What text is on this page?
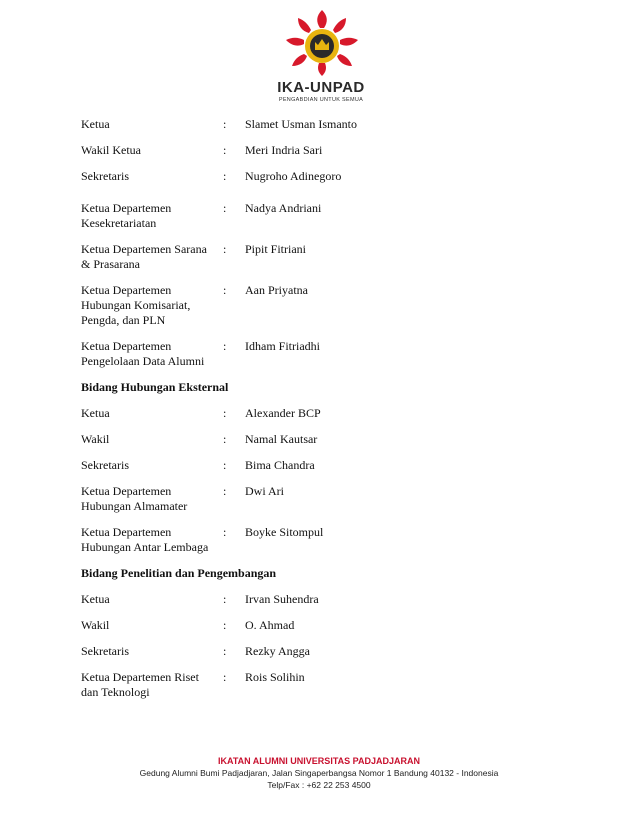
IKA-UNPAD
PENGABDIAN UNTUK SEMUA
Ketua	:	Slamet Usman Ismanto
Wakil Ketua	:	Meri Indria Sari
Sekretaris	:	Nugroho Adinegoro
Ketua Departemen
Kesekretariatan
:	Nadya Andriani
Ketua Departemen Sarana
& Prasarana
:	Pipit Fitriani
Ketua Departemen
Hubungan Komisariat,
Pengda, dan PLN
:	Aan Priyatna
Ketua Departemen
Pengelolaan Data Alumni
:	Idham Fitriadhi
Bidang Hubungan Eksternal
Ketua	:	Alexander BCP
Wakil	:	Namal Kautsar
Sekretaris	:	Bima Chandra
Ketua Departemen
Hubungan Almamater
:	Dwi Ari
Ketua Departemen
Hubungan Antar Lembaga
:	Boyke Sitompul
Bidang Penelitian dan Pengembangan
Ketua	:	Irvan Suhendra
Wakil	:	O. Ahmad
Sekretaris	:	Rezky Angga
Ketua Departemen Riset
dan Teknologi
:	Rois Solihin
IKATAN ALUMNI UNIVERSITAS PADJADJARAN
Gedung Alumni Bumi Padjadjaran, Jalan Singaperbangsa Nomor 1 Bandung 40132 - Indonesia
Telp/Fax : +62 22 253 4500
